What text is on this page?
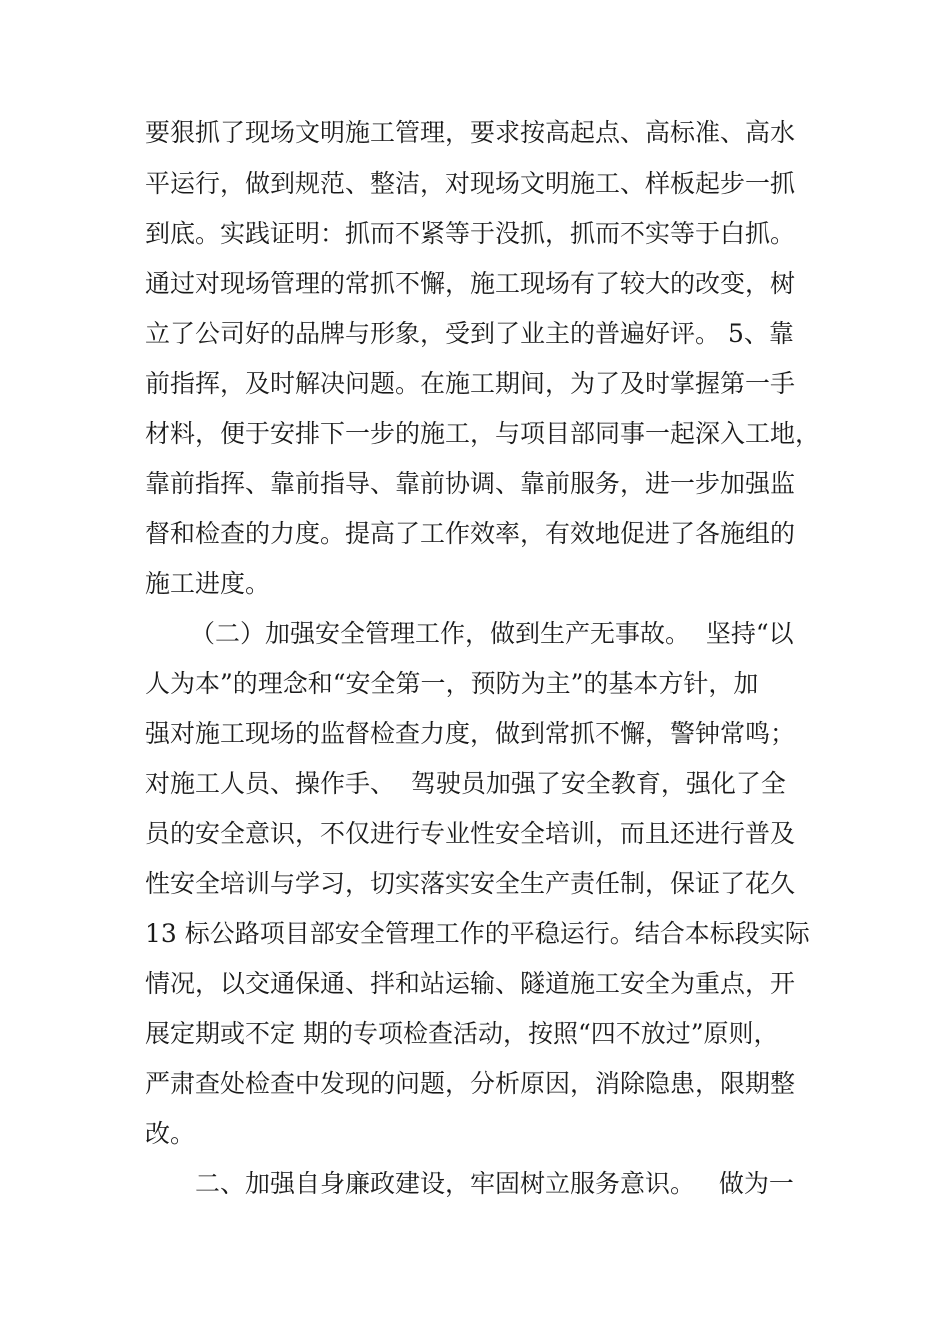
要狠抓了现场文明施工管理，要求按高起点、高标准、高水
平运行，做到规范、整洁，对现场文明施工、样板起步一抓
到底。实践证明：抓而不紧等于没抓，抓而不实等于白抓。
通过对现场管理的常抓不懈，施工现场有了较大的改变，树
立了公司好的品牌与形象，受到了业主的普遍好评。 5、靠
前指挥，及时解决问题。在施工期间，为了及时掌握第一手
材料，便于安排下一步的施工，与项目部同事一起深入工地，
靠前指挥、靠前指导、靠前协调、靠前服务，进一步加强监
督和检查的力度。提高了工作效率，有效地促进了各施组的
施工进度。
（二）加强安全管理工作，做到生产无事故。  坚持“以
人为本”的理念和“安全第一，预防为主”的基本方针，加
强对施工现场的监督检查力度，做到常抓不懈，警钟常鸣；
对施工人员、操作手、  驾驶员加强了安全教育，强化了全
员的安全意识，不仅进行专业性安全培训，而且还进行普及
性安全培训与学习，切实落实安全生产责任制，保证了花久
13 标公路项目部安全管理工作的平稳运行。结合本标段实际
情况，以交通保通、拌和站运输、隧道施工安全为重点，开
展定期或不定 期的专项检查活动，按照“四不放过”原则，
严肃查处检查中发现的问题，分析原因，消除隐患，限期整
改。
二、加强自身廉政建设，牢固树立服务意识。   做为一
